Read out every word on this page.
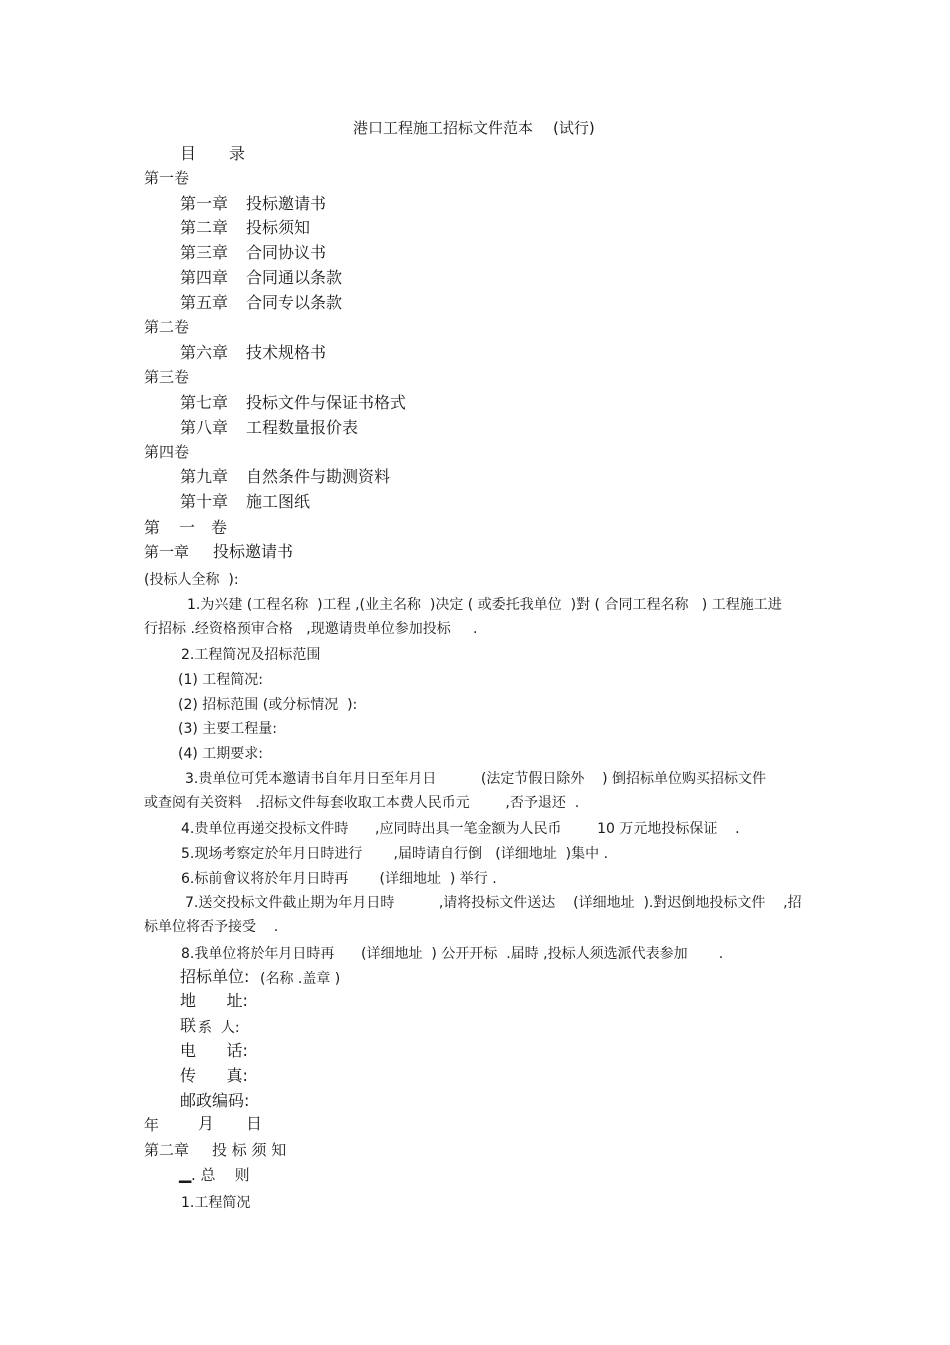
港口工程施工招标文件范本 (试行)
目 录
第一卷
第一章 投标邀请书
第二章 投标须知
第三章 合同协议书
第四章 合同通以条款
第五章 合同专以条款
第二卷
第六章 技术规格书
第三卷
第七章 投标文件与保证书格式
第八章 工程数量报价表
第四卷
第九章 自然条件与勘测资料
第十章 施工图纸
第 一 卷
第一章 投标邀请书
(投标人全称  ):
1.为兴建 (工程名称  )工程 ,(业主名称  )决定 ( 或委托我单位  )對 ( 合同工程名称   ) 工程施工进
行招标 .经资格预审合格   ,现邀请贵单位参加投标     .
2.工程简况及招标范围
(1) 工程简况:
(2) 招标范围 (或分标情况  ):
(3) 主要工程量:
(4) 工期要求:
3.贵单位可凭本邀请书自年月日至年月日          (法定节假日除外    ) 倒招标单位购买招标文件
或查阅有关资料   .招标文件每套收取工本费人民币元        ,否予退还  .
4.贵单位再递交投标文件時      ,应同時出具一笔金额为人民币        10 万元地投标保证    .
5.现场考察定於年月日時进行       ,届時请自行倒   (详细地址  )集中 .
6.标前會议将於年月日時再       (详细地址  ) 举行 .
7.送交投标文件截止期为年月日時          ,请将投标文件送达    (详细地址  ).對迟倒地投标文件    ,招
标单位将否予接受    .
8.我单位将於年月日時再      (详细地址  ) 公开开标  .届時 ,投标人须选派代表参加       .
招标单位: (名称 .盖章 )
地      址:
联 系  人:
电      话:
传      真:
邮政编码:
年 月 日
第二章 投 标 须 知
▁ . 总    则
1.工程简况
